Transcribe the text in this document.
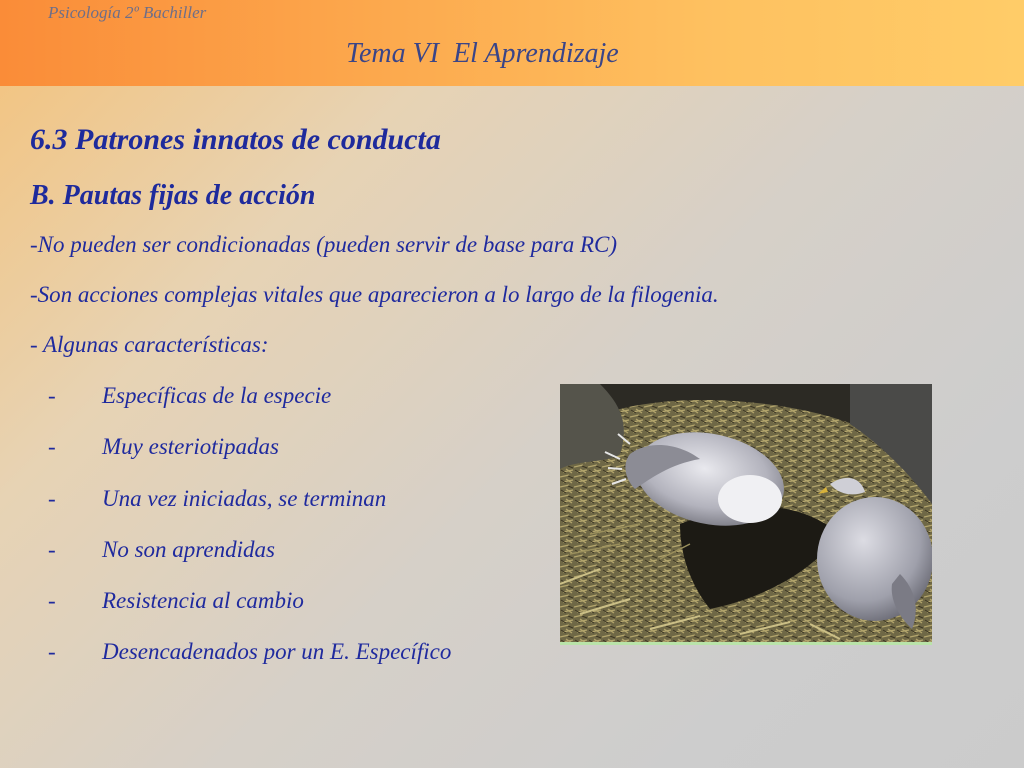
Psicología 2º Bachiller
Tema VI  El Aprendizaje
6.3 Patrones innatos de conducta
B. Pautas fijas de acción
-No pueden ser condicionadas (pueden servir de base para RC)
-Son acciones complejas vitales que aparecieron a lo largo de la filogenia.
- Algunas características:
- Específicas de la especie
- Muy esteriotipadas
- Una vez iniciadas, se terminan
- No son aprendidas
- Resistencia al cambio
- Desencadenados por un E. Específico
